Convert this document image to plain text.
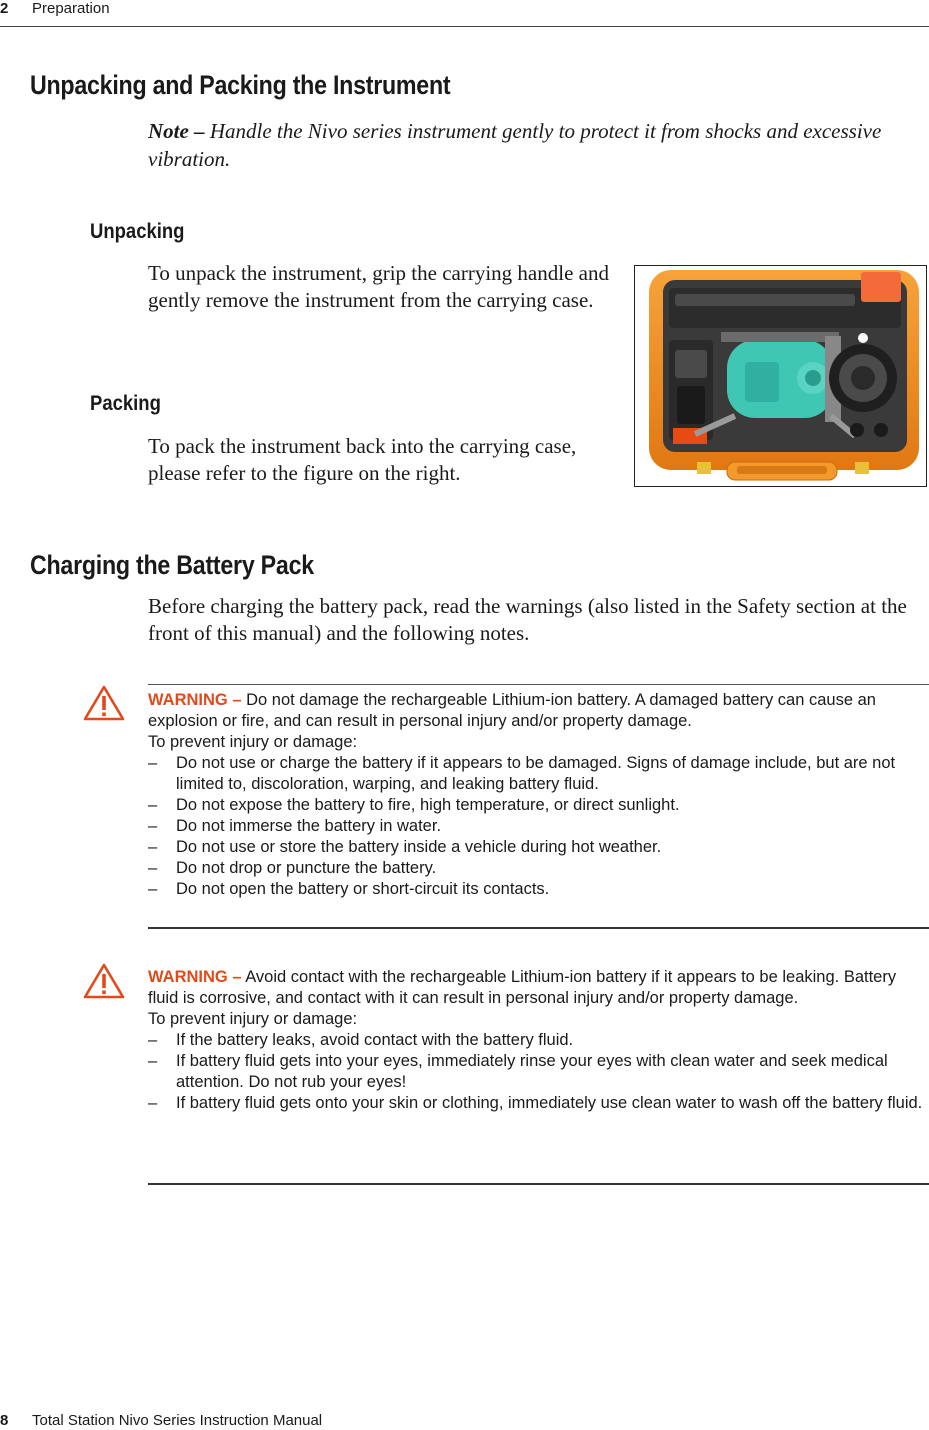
2 Preparation
Unpacking and Packing the Instrument
Note – Handle the Nivo series instrument gently to protect it from shocks and excessive vibration.
Unpacking
To unpack the instrument, grip the carrying handle and gently remove the instrument from the carrying case.
Packing
To pack the instrument back into the carrying case, please refer to the figure on the right.
Charging the Battery Pack
Before charging the battery pack, read the warnings (also listed in the Safety section at the front of this manual) and the following notes.
WARNING – Do not damage the rechargeable Lithium-ion battery. A damaged battery can cause an explosion or fire, and can result in personal injury and/or property damage.
To prevent injury or damage:
– Do not use or charge the battery if it appears to be damaged. Signs of damage include, but are not limited to, discoloration, warping, and leaking battery fluid.
– Do not expose the battery to fire, high temperature, or direct sunlight.
– Do not immerse the battery in water.
– Do not use or store the battery inside a vehicle during hot weather.
– Do not drop or puncture the battery.
– Do not open the battery or short-circuit its contacts.
WARNING – Avoid contact with the rechargeable Lithium-ion battery if it appears to be leaking. Battery fluid is corrosive, and contact with it can result in personal injury and/or property damage.
To prevent injury or damage:
– If the battery leaks, avoid contact with the battery fluid.
– If battery fluid gets into your eyes, immediately rinse your eyes with clean water and seek medical attention. Do not rub your eyes!
– If battery fluid gets onto your skin or clothing, immediately use clean water to wash off the battery fluid.
8 Total Station Nivo Series Instruction Manual
